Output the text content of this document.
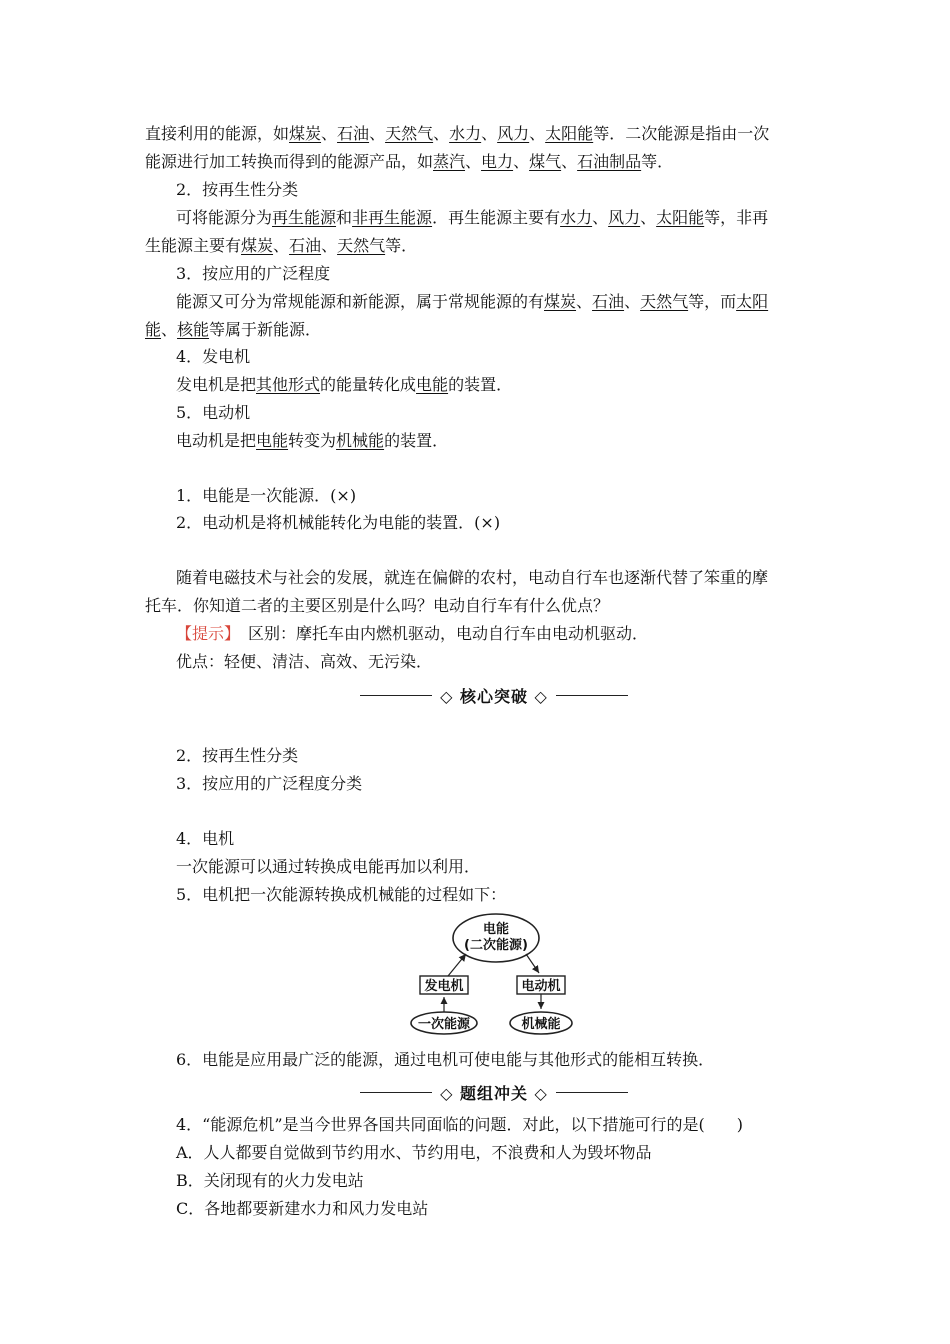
直接利用的能源，如煤炭、石油、天然气、水力、风力、太阳能等．二次能源是指由一次
能源进行加工转换而得到的能源产品，如蒸汽、电力、煤气、石油制品等．
2．按再生性分类
可将能源分为再生能源和非再生能源．再生能源主要有水力、风力、太阳能等，非再
生能源主要有煤炭、石油、天然气等．
3．按应用的广泛程度
能源又可分为常规能源和新能源，属于常规能源的有煤炭、石油、天然气等，而太阳
能、核能等属于新能源．
4．发电机
发电机是把其他形式的能量转化成电能的装置．
5．电动机
电动机是把电能转变为机械能的装置．
1．电能是一次能源．(×)
2．电动机是将机械能转化为电能的装置．(×)
随着电磁技术与社会的发展，就连在偏僻的农村，电动自行车也逐渐代替了笨重的摩
托车．你知道二者的主要区别是什么吗？电动自行车有什么优点？
【提示】　区别：摩托车由内燃机驱动，电动自行车由电动机驱动．
优点：轻便、清洁、高效、无污染．
◇ 核心突破 ◇
2．按再生性分类
3．按应用的广泛程度分类
4．电机
一次能源可以通过转换成电能再加以利用．
5．电机把一次能源转换成机械能的过程如下：
电能
(二次能源)
发电机	电动机
一次能源	机械能
6．电能是应用最广泛的能源，通过电机可使电能与其他形式的能相互转换．
◇ 题组冲关 ◇
4．“能源危机”是当今世界各国共同面临的问题．对此，以下措施可行的是(　　)
A．人人都要自觉做到节约用水、节约用电，不浪费和人为毁坏物品
B．关闭现有的火力发电站
C．各地都要新建水力和风力发电站
